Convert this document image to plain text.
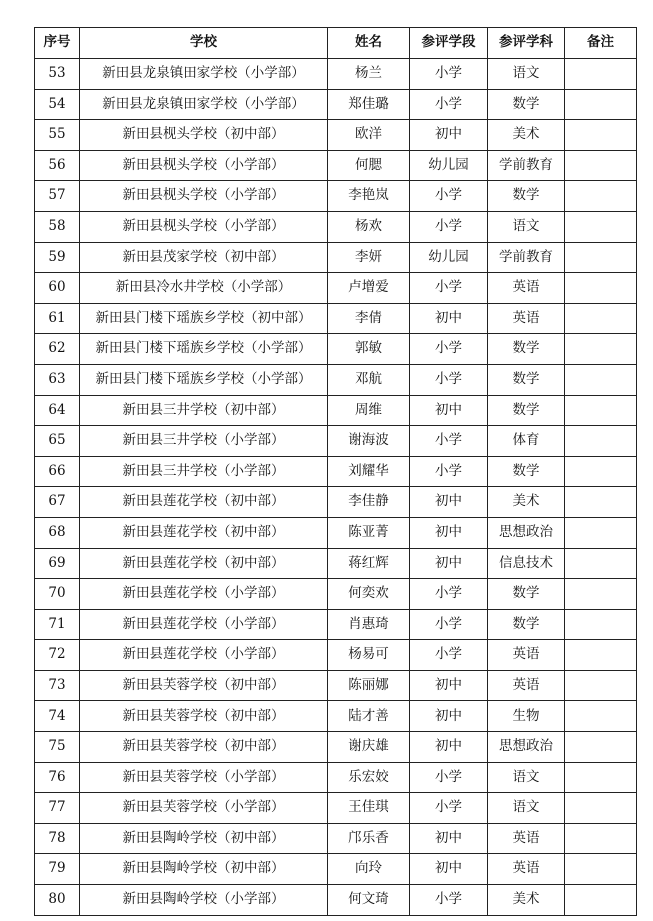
序号	学校	姓名	参评学段	参评学科	备注
53	新田县龙泉镇田家学校（小学部）	杨兰	小学	语文	
54	新田县龙泉镇田家学校（小学部）	郑佳璐	小学	数学	
55	新田县枧头学校（初中部）	欧洋	初中	美术	
56	新田县枧头学校（小学部）	何腮	幼儿园	学前教育	
57	新田县枧头学校（小学部）	李艳岚	小学	数学	
58	新田县枧头学校（小学部）	杨欢	小学	语文	
59	新田县茂家学校（初中部）	李妍	幼儿园	学前教育	
60	新田县冷水井学校（小学部）	卢增爱	小学	英语	
61	新田县门楼下瑶族乡学校（初中部）	李倩	初中	英语	
62	新田县门楼下瑶族乡学校（小学部）	郭敏	小学	数学	
63	新田县门楼下瑶族乡学校（小学部）	邓航	小学	数学	
64	新田县三井学校（初中部）	周维	初中	数学	
65	新田县三井学校（小学部）	谢海波	小学	体育	
66	新田县三井学校（小学部）	刘耀华	小学	数学	
67	新田县莲花学校（初中部）	李佳静	初中	美术	
68	新田县莲花学校（初中部）	陈亚菁	初中	思想政治	
69	新田县莲花学校（初中部）	蒋红辉	初中	信息技术	
70	新田县莲花学校（小学部）	何奕欢	小学	数学	
71	新田县莲花学校（小学部）	肖惠琦	小学	数学	
72	新田县莲花学校（小学部）	杨易可	小学	英语	
73	新田县芙蓉学校（初中部）	陈丽娜	初中	英语	
74	新田县芙蓉学校（初中部）	陆才善	初中	生物	
75	新田县芙蓉学校（初中部）	谢庆雄	初中	思想政治	
76	新田县芙蓉学校（小学部）	乐宏姣	小学	语文	
77	新田县芙蓉学校（小学部）	王佳琪	小学	语文	
78	新田县陶岭学校（初中部）	邝乐香	初中	英语	
79	新田县陶岭学校（初中部）	向玲	初中	英语	
80	新田县陶岭学校（小学部）	何文琦	小学	美术	
